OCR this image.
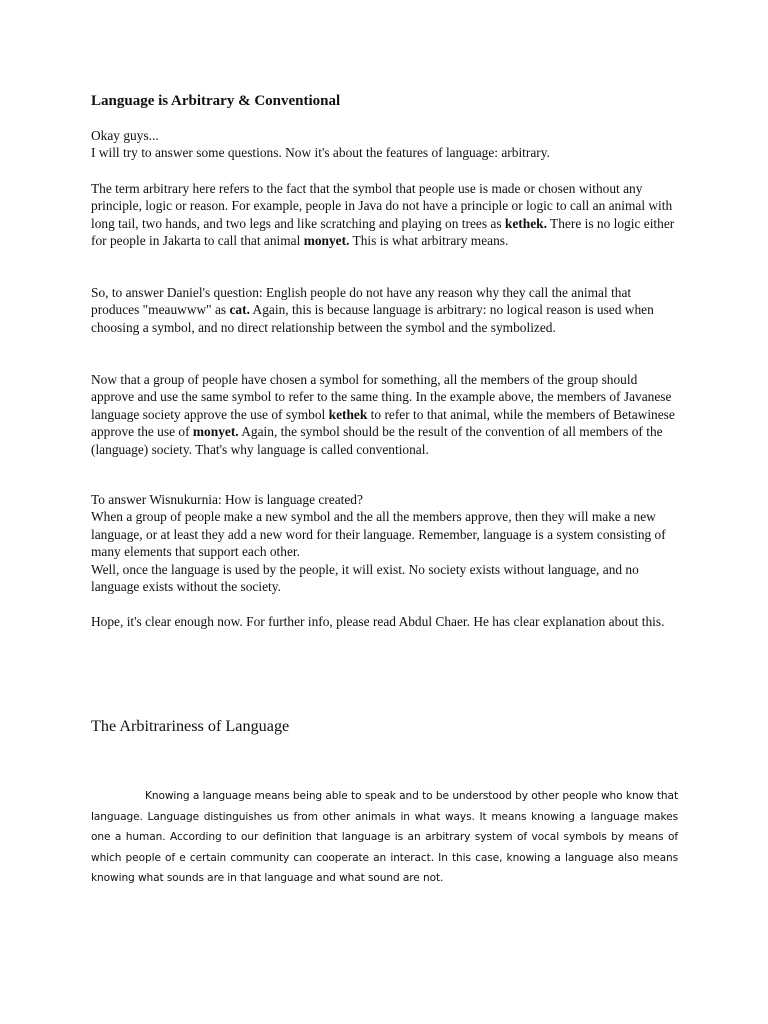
Language is Arbitrary & Conventional

Okay guys...
I will try to answer some questions. Now it's about the features of language: arbitrary.

The term arbitrary here refers to the fact that the symbol that people use is made or chosen without any principle, logic or reason. For example, people in Java do not have a principle or logic to call an animal with long tail, two hands, and two legs and like scratching and playing on trees as kethek. There is no logic either for people in Jakarta to call that animal monyet. This is what arbitrary means.

So, to answer Daniel's question: English people do not have any reason why they call the animal that produces "meauwww" as cat. Again, this is because language is arbitrary: no logical reason is used when choosing a symbol, and no direct relationship between the symbol and the symbolized.

Now that a group of people have chosen a symbol for something, all the members of the group should approve and use the same symbol to refer to the same thing. In the example above, the members of Javanese language society approve the use of symbol kethek to refer to that animal, while the members of Betawinese approve the use of monyet. Again, the symbol should be the result of the convention of all members of the (language) society. That's why language is called conventional.

To answer Wisnukurnia: How is language created?
When a group of people make a new symbol and the all the members approve, then they will make a new language, or at least they add a new word for their language. Remember, language is a system consisting of many elements that support each other.
Well, once the language is used by the people, it will exist. No society exists without language, and no language exists without the society.

Hope, it's clear enough now. For further info, please read Abdul Chaer. He has clear explanation about this.

The Arbitrariness of Language

Knowing a language means being able to speak and to be understood by other people who know that language. Language distinguishes us from other animals in what ways. It means knowing a language makes one a human. According to our definition that language is an arbitrary system of vocal symbols by means of which people of e certain community can cooperate an interact. In this case, knowing a language also means knowing what sounds are in that language and what sound are not.
